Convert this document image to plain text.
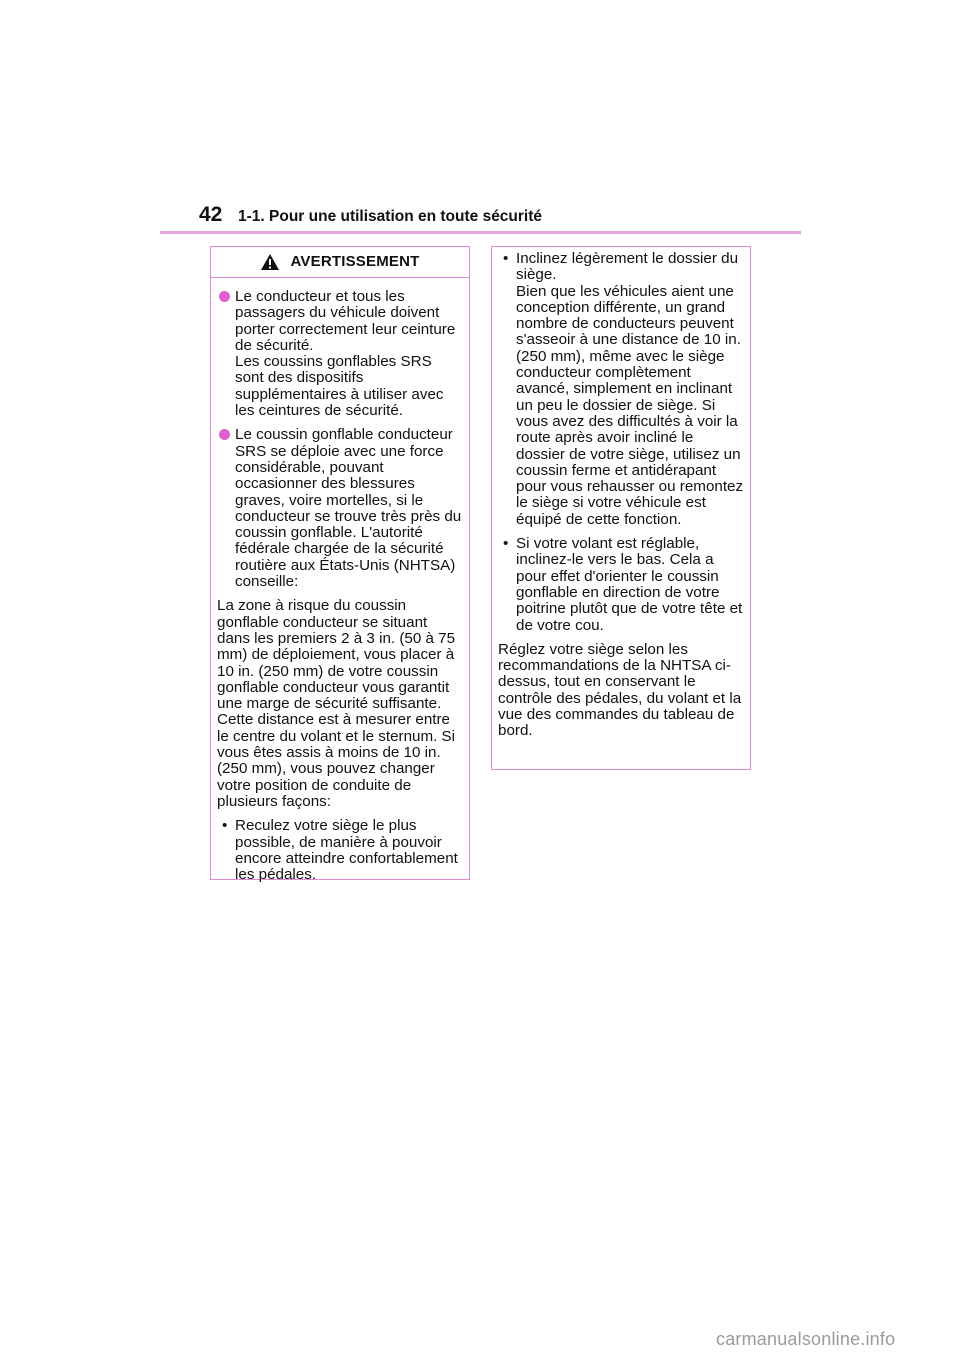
42 1-1. Pour une utilisation en toute sécurité
AVERTISSEMENT
Le conducteur et tous les passagers du véhicule doivent porter correctement leur ceinture de sécurité.
Les coussins gonflables SRS sont des dispositifs supplémentaires à utiliser avec les ceintures de sécurité.
Le coussin gonflable conducteur SRS se déploie avec une force considérable, pouvant occasionner des blessures graves, voire mortelles, si le conducteur se trouve très près du coussin gonflable. L'autorité fédérale chargée de la sécurité routière aux États-Unis (NHTSA) conseille:

La zone à risque du coussin gonflable conducteur se situant dans les premiers 2 à 3 in. (50 à 75 mm) de déploiement, vous placer à 10 in. (250 mm) de votre coussin gonflable conducteur vous garantit une marge de sécurité suffisante. Cette distance est à mesurer entre le centre du volant et le sternum. Si vous êtes assis à moins de 10 in. (250 mm), vous pouvez changer votre position de conduite de plusieurs façons:

• Reculez votre siège le plus possible, de manière à pouvoir encore atteindre confortablement les pédales.
• Inclinez légèrement le dossier du siège.
Bien que les véhicules aient une conception différente, un grand nombre de conducteurs peuvent s'asseoir à une distance de 10 in. (250 mm), même avec le siège conducteur complètement avancé, simplement en inclinant un peu le dossier de siège. Si vous avez des difficultés à voir la route après avoir incliné le dossier de votre siège, utilisez un coussin ferme et antidérapant pour vous rehausser ou remontez le siège si votre véhicule est équipé de cette fonction.
• Si votre volant est réglable, inclinez-le vers le bas. Cela a pour effet d'orienter le coussin gonflable en direction de votre poitrine plutôt que de votre tête et de votre cou.

Réglez votre siège selon les recommandations de la NHTSA ci-dessus, tout en conservant le contrôle des pédales, du volant et la vue des commandes du tableau de bord.

carmanualsonline.info
